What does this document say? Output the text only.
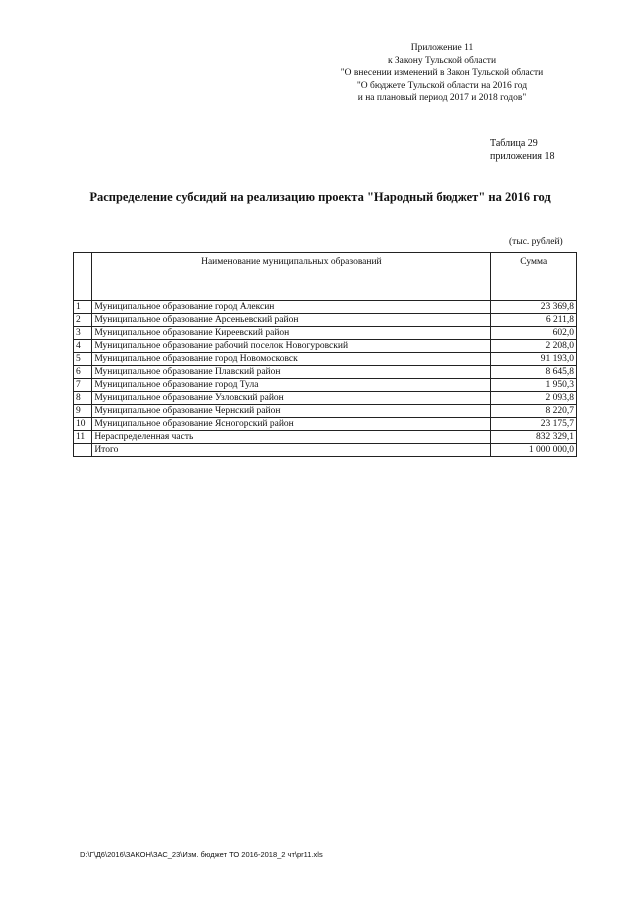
Приложение 11
к Закону Тульской области
"О внесении изменений в Закон Тульской области
"О бюджете Тульской области на 2016 год
и на плановый период 2017 и 2018 годов"
Таблица 29
приложения 18
Распределение субсидий на реализацию проекта "Народный бюджет" на 2016 год
(тыс. рублей)
	Наименование муниципальных образований	Сумма
1	Муниципальное образование город Алексин	23 369,8
2	Муниципальное образование Арсеньевский район	6 211,8
3	Муниципальное образование Киреевский район	602,0
4	Муниципальное образование рабочий поселок Новогуровский	2 208,0
5	Муниципальное образование город Новомосковск	91 193,0
6	Муниципальное образование Плавский район	8 645,8
7	Муниципальное образование город Тула	1 950,3
8	Муниципальное образование Узловский район	2 093,8
9	Муниципальное образование Чернский район	8 220,7
10	Муниципальное образование Ясногорский район	23 175,7
11	Нераспределенная часть	832 329,1
	Итого	1 000 000,0
D:\Г\Д6\2016\ЗАКОН\ЗАС_23\Изм. бюджет ТО 2016-2018_2 чт\pr11.xls
